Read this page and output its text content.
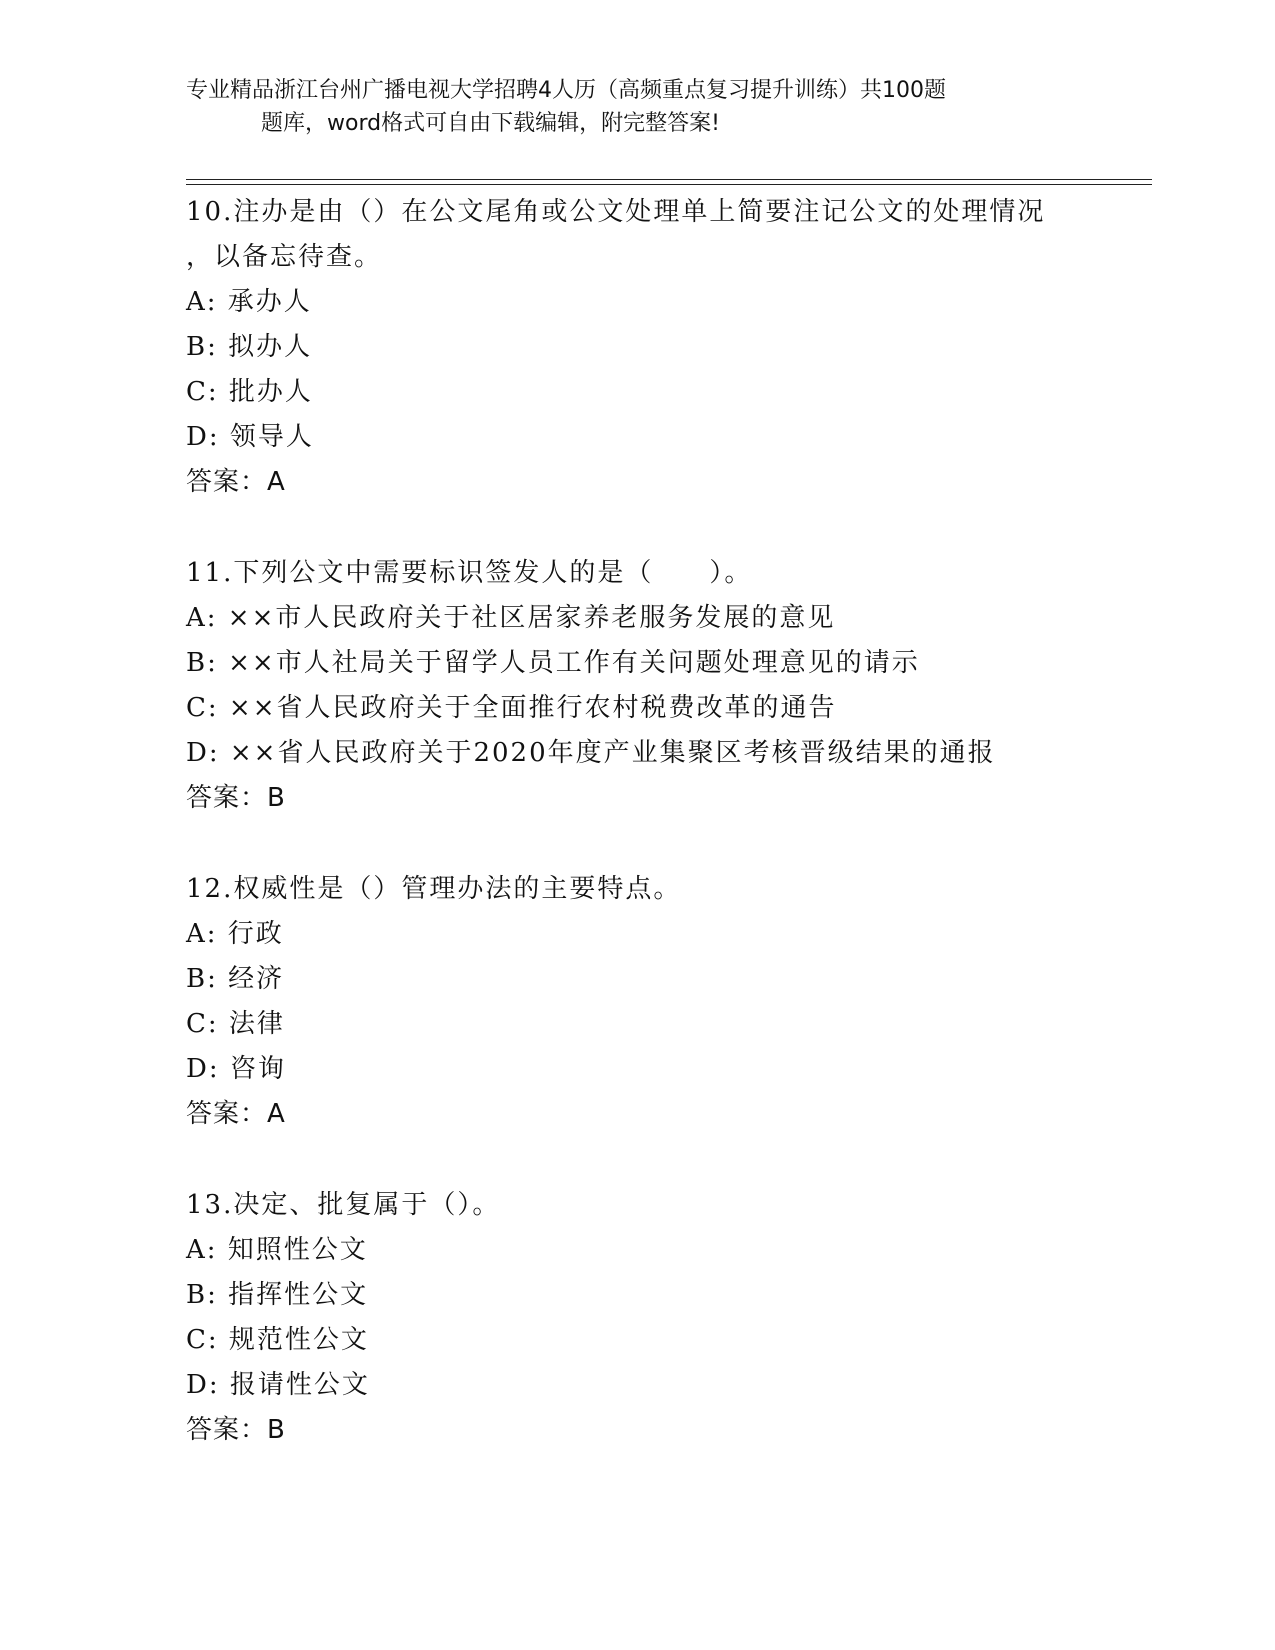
专业精品浙江台州广播电视大学招聘4人历（高频重点复习提升训练）共100题
题库，word格式可自由下载编辑，附完整答案!
10.注办是由（）在公文尾角或公文处理单上简要注记公文的处理情况
，以备忘待查。
A: 承办人
B: 拟办人
C: 批办人
D: 领导人
答案：A
11.下列公文中需要标识签发人的是（　　）。
A: ××市人民政府关于社区居家养老服务发展的意见
B: ××市人社局关于留学人员工作有关问题处理意见的请示
C: ××省人民政府关于全面推行农村税费改革的通告
D: ××省人民政府关于2020年度产业集聚区考核晋级结果的通报
答案：B
12.权威性是（）管理办法的主要特点。
A: 行政
B: 经济
C: 法律
D: 咨询
答案：A
13.决定、批复属于（）。
A: 知照性公文
B: 指挥性公文
C: 规范性公文
D: 报请性公文
答案：B
